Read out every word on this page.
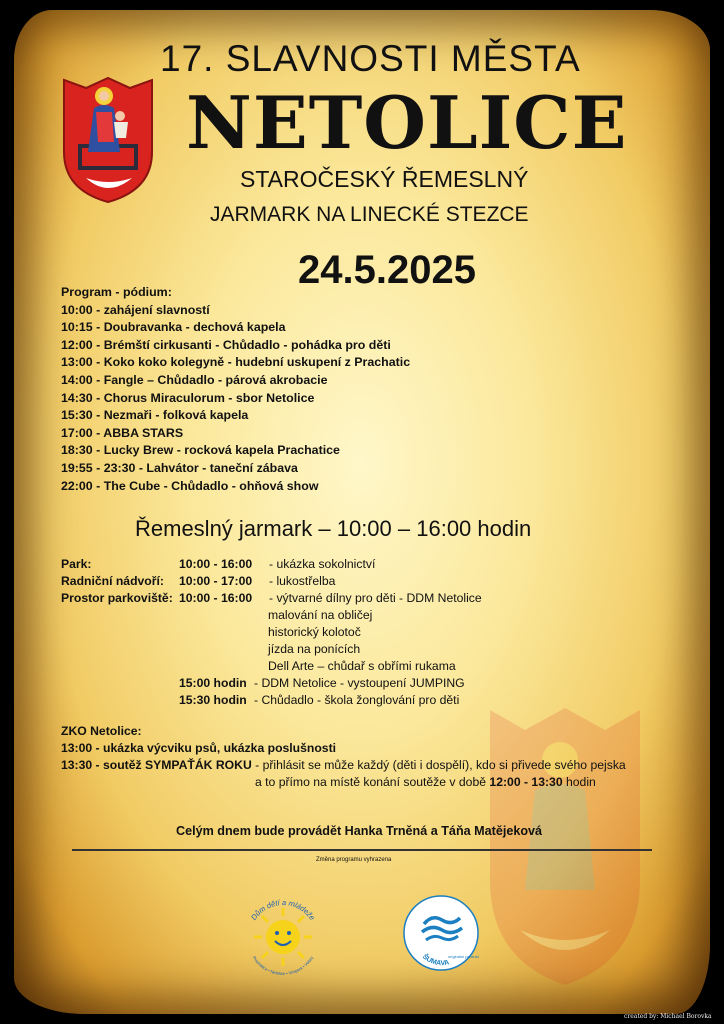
17. SLAVNOSTI MĚSTA
NETOLICE
STAROČESKÝ ŘEMESLNÝ
JARMARK NA LINECKÉ STEZCE
24.5.2025
Program - pódium:
10:00 - zahájení slavností
10:15 - Doubravanka - dechová kapela
12:00 - Brémští cirkusanti - Chůdadlo - pohádka pro děti
13:00 - Koko koko kolegyně - hudební uskupení z Prachatic
14:00 - Fangle – Chůdadlo - párová akrobacie
14:30 - Chorus Miraculorum - sbor Netolice
15:30 - Nezmaři - folková kapela
17:00 - ABBA STARS
18:30 - Lucky Brew - rocková kapela Prachatice
19:55 - 23:30 - Lahvátor - taneční zábava
22:00 - The Cube - Chůdadlo - ohňová show
Řemeslný jarmark – 10:00 – 16:00 hodin
Park:	10:00 - 16:00 - ukázka sokolnictví
Radniční nádvoří: 10:00 - 17:00 - lukostřelba
Prostor parkoviště: 10:00 - 16:00 - výtvarné dílny pro děti - DDM Netolice
malování na obličej
historický kolotoč
jízda na ponících
Dell Arte – chůdař s obřími rukama
15:00 hodin - DDM Netolice - vystoupení JUMPING
15:30 hodin - Chůdadlo - škola žonglování pro děti
ZKO Netolice:
13:00 - ukázka výcviku psů, ukázka poslušnosti
13:30 - soutěž SYMPAŤÁK ROKU - přihlásit se může každý (děti i dospělí), kdo si přivede svého pejska
a to přímo na místě konání soutěže v době 12:00 - 13:30 hodin
Celým dnem bude provádět Hanka Trněná a Táňa Matějeková
Změna programu vyhrazena
Dům dětí a mládeže
Prachatice • Netolice • Vimperk • Volary	ŠUMAVA
originální produkt
created by: Michael Borovka
